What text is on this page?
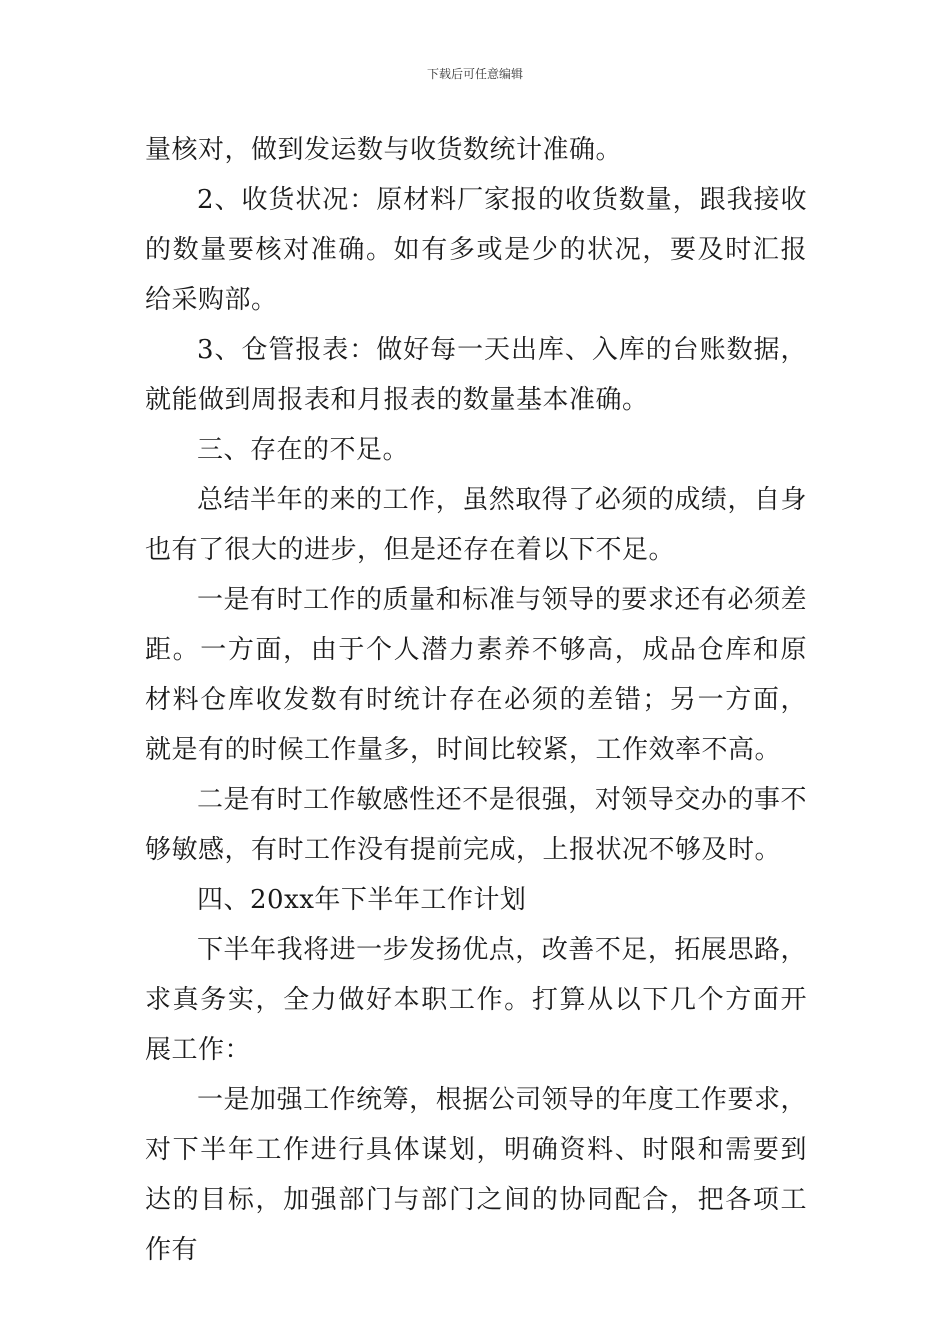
下载后可任意编辑

量核对，做到发运数与收货数统计准确。

2、收货状况：原材料厂家报的收货数量，跟我接收的数量要核对准确。如有多或是少的状况，要及时汇报给采购部。

3、仓管报表：做好每一天出库、入库的台账数据，就能做到周报表和月报表的数量基本准确。

三、存在的不足。

总结半年的来的工作，虽然取得了必须的成绩，自身也有了很大的进步，但是还存在着以下不足。

一是有时工作的质量和标准与领导的要求还有必须差距。一方面，由于个人潜力素养不够高，成品仓库和原材料仓库收发数有时统计存在必须的差错；另一方面，就是有的时候工作量多，时间比较紧，工作效率不高。

二是有时工作敏感性还不是很强，对领导交办的事不够敏感，有时工作没有提前完成，上报状况不够及时。

四、20xx年下半年工作计划

下半年我将进一步发扬优点，改善不足，拓展思路，求真务实，全力做好本职工作。打算从以下几个方面开展工作：

一是加强工作统筹，根据公司领导的年度工作要求，对下半年工作进行具体谋划，明确资料、时限和需要到达的目标，加强部门与部门之间的协同配合，把各项工作有
